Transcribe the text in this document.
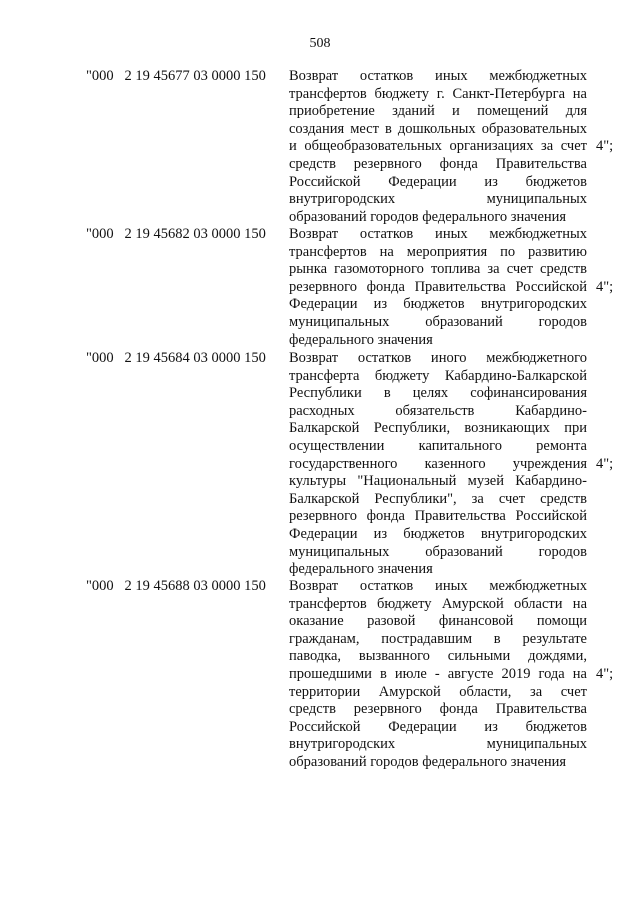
508
"000   2 19 45677 03 0000 150 Возврат остатков иных межбюджетных
трансфертов бюджету г. Санкт-Петербурга на
приобретение зданий и помещений для
создания мест в дошкольных образовательных
и общеобразовательных организациях за счет
средств резервного фонда Правительства
Российской Федерации из бюджетов
внутригородских муниципальных
образований городов федерального значения
4";
"000   2 19 45682 03 0000 150 Возврат остатков иных межбюджетных
трансфертов на мероприятия по развитию
рынка газомоторного топлива за счет средств
резервного фонда Правительства Российской
Федерации из бюджетов внутригородских
муниципальных образований городов
федерального значения
4";
"000   2 19 45684 03 0000 150 Возврат остатков иного межбюджетного
трансферта бюджету Кабардино-Балкарской
Республики в целях софинансирования
расходных обязательств Кабардино-
Балкарской Республики, возникающих при
осуществлении капитального ремонта
государственного казенного учреждения
культуры "Национальный музей Кабардино-
Балкарской Республики", за счет средств
резервного фонда Правительства Российской
Федерации из бюджетов внутригородских
муниципальных образований городов
федерального значения
4";
"000   2 19 45688 03 0000 150 Возврат остатков иных межбюджетных
трансфертов бюджету Амурской области на
оказание разовой финансовой помощи
гражданам, пострадавшим в результате
паводка, вызванного сильными дождями,
прошедшими в июле - августе 2019 года на
территории Амурской области, за счет
средств резервного фонда Правительства
Российской Федерации из бюджетов
внутригородских муниципальных
образований городов федерального значения
4";
